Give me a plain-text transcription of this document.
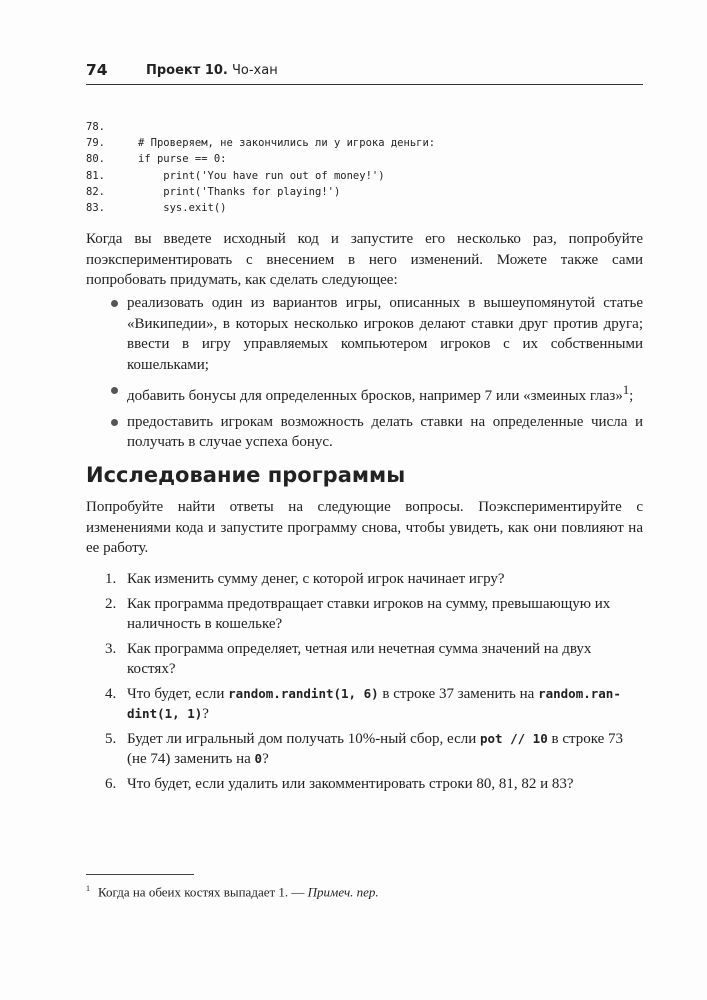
74	Проект 10. Чо-хан
78.
79.	# Проверяем, не закончились ли у игрока деньги:
80.	if purse == 0:
81.	print('You have run out of money!')
82.	print('Thanks for playing!')
83.	sys.exit()

Когда вы введете исходный код и запустите его несколько раз, попробуйте поэкспериментировать с внесением в него изменений. Можете также сами попробовать придумать, как сделать следующее:

реализовать один из вариантов игры, описанных в вышеупомянутой статье «Википедии», в которых несколько игроков делают ставки друг против друга; ввести в игру управляемых компьютером игроков с их собственными кошельками;
добавить бонусы для определенных бросков, например 7 или «змеиных глаз»$^1$;
предоставить игрокам возможность делать ставки на определенные числа и получать в случае успеха бонус.
Исследование программы

Попробуйте найти ответы на следующие вопросы. Поэкспериментируйте с изменениями кода и запустите программу снова, чтобы увидеть, как они повлияют на ее работу.

1. Как изменить сумму денег, с которой игрок начинает игру?
2. Как программа предотвращает ставки игроков на сумму, превышающую их наличность в кошельке?
3. Как программа определяет, четная или нечетная сумма значений на двух костях?
4. Что будет, если random.randint(1, 6) в строке 37 заменить на random.ran-
dint(1, 1)?
5. Будет ли игральный дом получать 10%-ный сбор, если pot // 10 в строке 73
(не 74) заменить на 0?
6. Что будет, если удалить или закомментировать строки 80, 81, 82 и 83?
$^1$ Когда на обеих костях выпадает 1. — Примеч. пер.
